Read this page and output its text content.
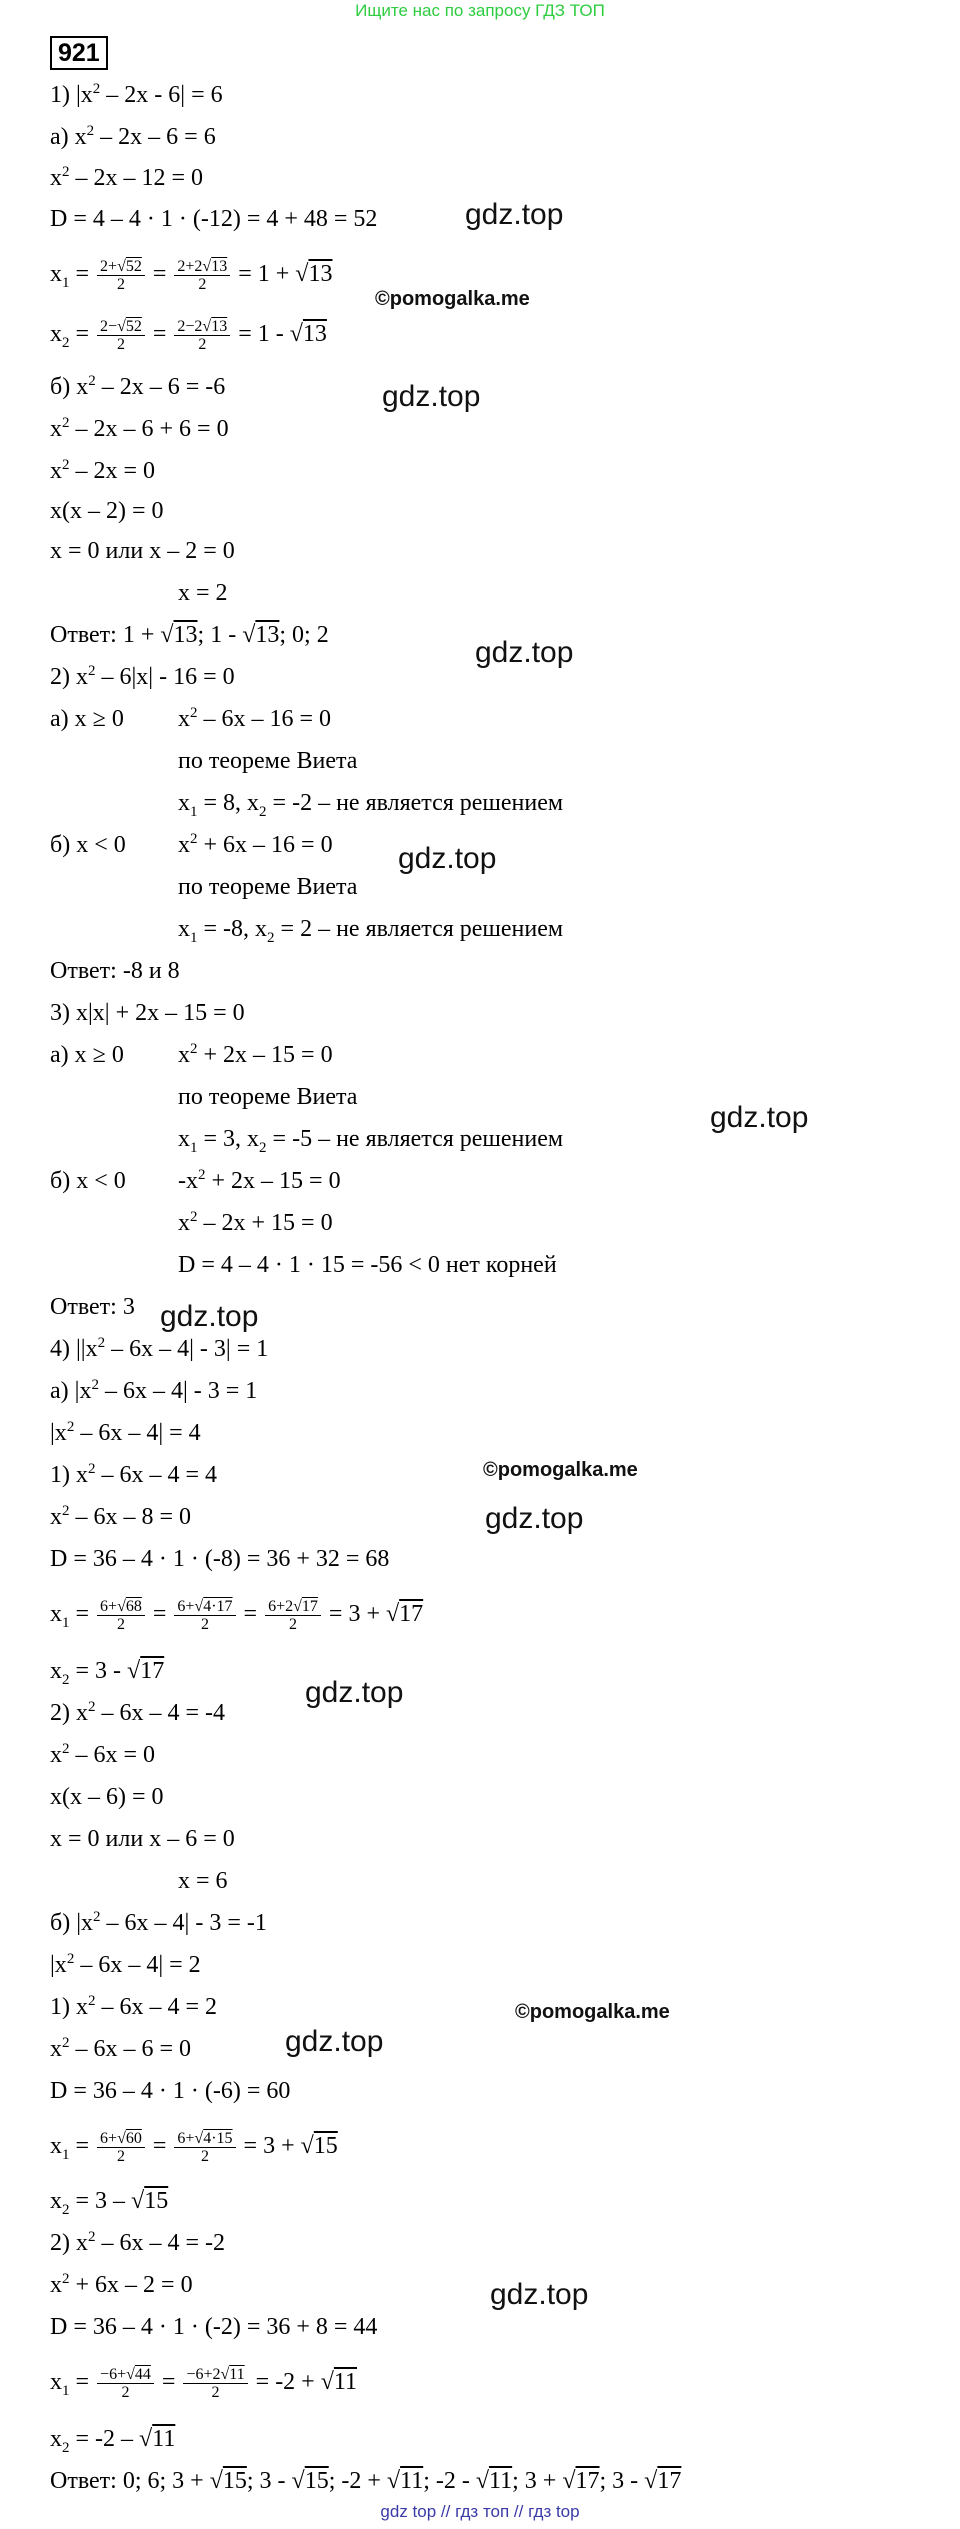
Ищите нас по запросу ГДЗ ТОП
921
1) $|x^2 - 2x - 6| = 6$
а) $x^2 - 2x - 6 = 6$
$x^2 - 2x - 12 = 0$
D = 4 – 4 · 1 · (-12) = 4 + 48 = 52
$x_1 = \frac{2+√52}{2} = \frac{2+2√13}{2} = 1 + √13$
$x_2 = \frac{2-√52}{2} = \frac{2-2√13}{2} = 1 - √13$
б) $x^2 - 2x - 6 = -6$
$x^2 - 2x - 6 + 6 = 0$
$x^2 - 2x = 0$
x(x – 2) = 0
x = 0 или x – 2 = 0
x = 2
Ответ: 1 + √13; 1 - √13; 0; 2
2) $x^2 - 6|x| - 16 = 0$
а) x ≥ 0 $x^2 - 6x - 16 = 0$
по теореме Виета
$x_1 = 8$, $x_2 = -2$ – не является решением
б) x < 0 $x^2 + 6x - 16 = 0$
по теореме Виета
$x_1 = -8$, $x_2 = 2$ – не является решением
Ответ: -8 и 8
3) x|x| + 2x – 15 = 0
а) x ≥ 0 $x^2 + 2x - 15 = 0$
по теореме Виета
$x_1 = 3$, $x_2 = -5$ – не является решением
б) x < 0 $-x^2 + 2x - 15 = 0$
$x^2 - 2x + 15 = 0$
D = 4 – 4 · 1 · 15 = -56 < 0 нет корней
Ответ: 3
4) $||x^2 - 6x - 4| - 3| = 1$
а) $|x^2 - 6x - 4| - 3 = 1$
$|x^2 - 6x - 4| = 4$
1) $x^2 - 6x - 4 = 4$
$x^2 - 6x - 8 = 0$
D = 36 – 4 · 1 · (-8) = 36 + 32 = 68
$x_1 = \frac{6+√68}{2} = \frac{6+√4\cdot 17}{2} = \frac{6+2√17}{2} = 3 + √17$
$x_2 = 3 - √17$
2) $x^2 - 6x - 4 = -4$
$x^2 - 6x = 0$
x(x – 6) = 0
x = 0 или x – 6 = 0
x = 6
б) $|x^2 - 6x - 4| - 3 = -1$
$|x^2 - 6x - 4| = 2$
1) $x^2 - 6x - 4 = 2$
$x^2 - 6x - 6 = 0$
D = 36 – 4 · 1 · (-6) = 60
$x_1 = \frac{6+√60}{2} = \frac{6+√4\cdot 15}{2} = 3 + √15$
$x_2 = 3 - √15$
2) $x^2 - 6x - 4 = -2$
$x^2 + 6x - 2 = 0$
D = 36 – 4 · 1 · (-2) = 36 + 8 = 44
$x_1 = \frac{-6+√44}{2} = \frac{-6+2√11}{2} = -2 + √11$
$x_2 = -2 - √11$
Ответ: 0; 6; 3 + √15; 3 - √15; -2 + √11; -2 - √11; 3 + √17; 3 - √17
gdz.top
gdz.top
gdz.top
gdz.top
gdz.top
gdz.top
gdz.top
gdz.top
gdz.top
gdz.top
©pomogalka.me
©pomogalka.me
©pomogalka.me
gdz top // гдз топ // гдз top
